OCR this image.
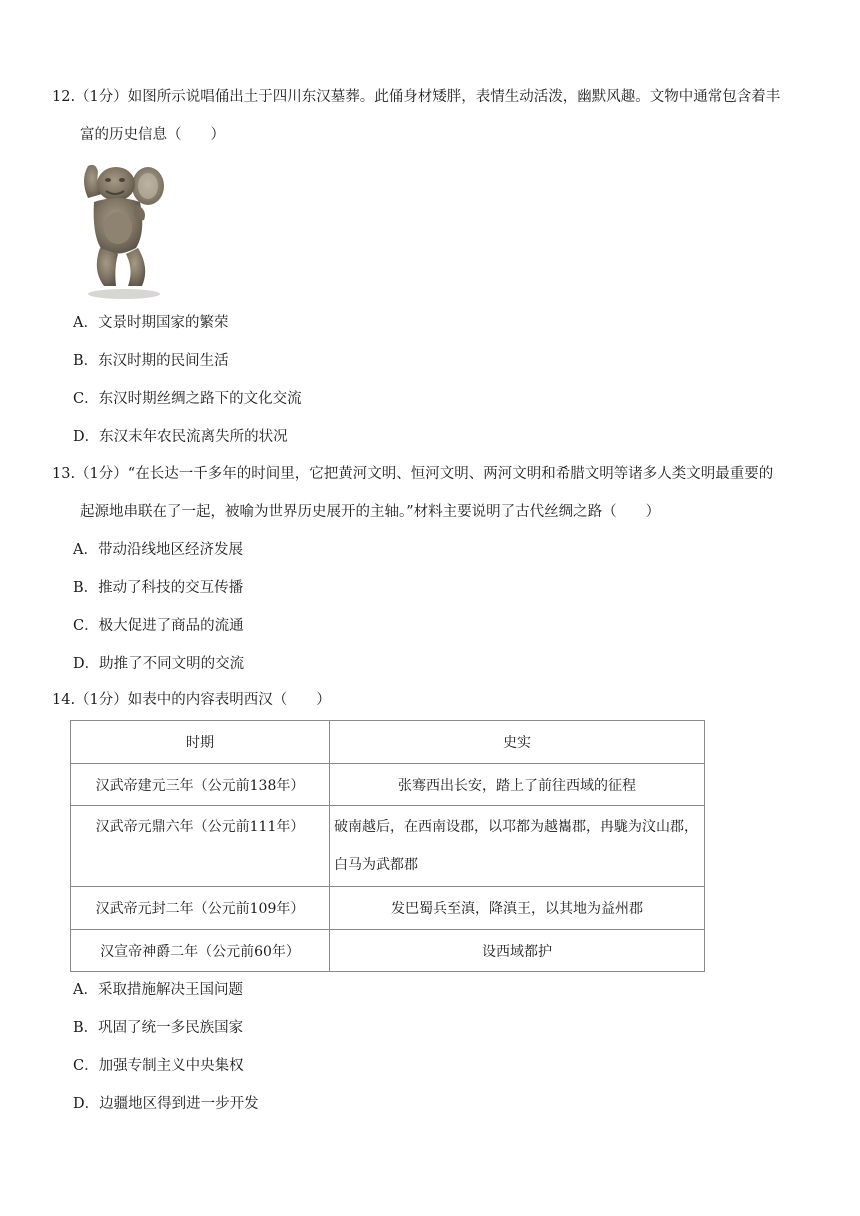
12.（1分）如图所示说唱俑出土于四川东汉墓葬。此俑身材矮胖，表情生动活泼，幽默风趣。文物中通常包含着丰
富的历史信息（　　）
A．文景时期国家的繁荣
B．东汉时期的民间生活
C．东汉时期丝绸之路下的文化交流
D．东汉末年农民流离失所的状况
13.（1分）“在长达一千多年的时间里，它把黄河文明、恒河文明、两河文明和希腊文明等诸多人类文明最重要的
起源地串联在了一起，被喻为世界历史展开的主轴。”材料主要说明了古代丝绸之路（　　）
A．带动沿线地区经济发展
B．推动了科技的交互传播
C．极大促进了商品的流通
D．助推了不同文明的交流
14.（1分）如表中的内容表明西汉（　　）
时期	史实
汉武帝建元三年（公元前138年）	张骞西出长安，踏上了前往西域的征程
汉武帝元鼎六年（公元前111年）	破南越后，在西南设郡，以邛都为越巂郡，冉駹为汶山郡，白马为武都郡
汉武帝元封二年（公元前109年）	发巴蜀兵至滇，降滇王，以其地为益州郡
汉宣帝神爵二年（公元前60年）	设西域都护
A．采取措施解决王国问题
B．巩固了统一多民族国家
C．加强专制主义中央集权
D．边疆地区得到进一步开发
